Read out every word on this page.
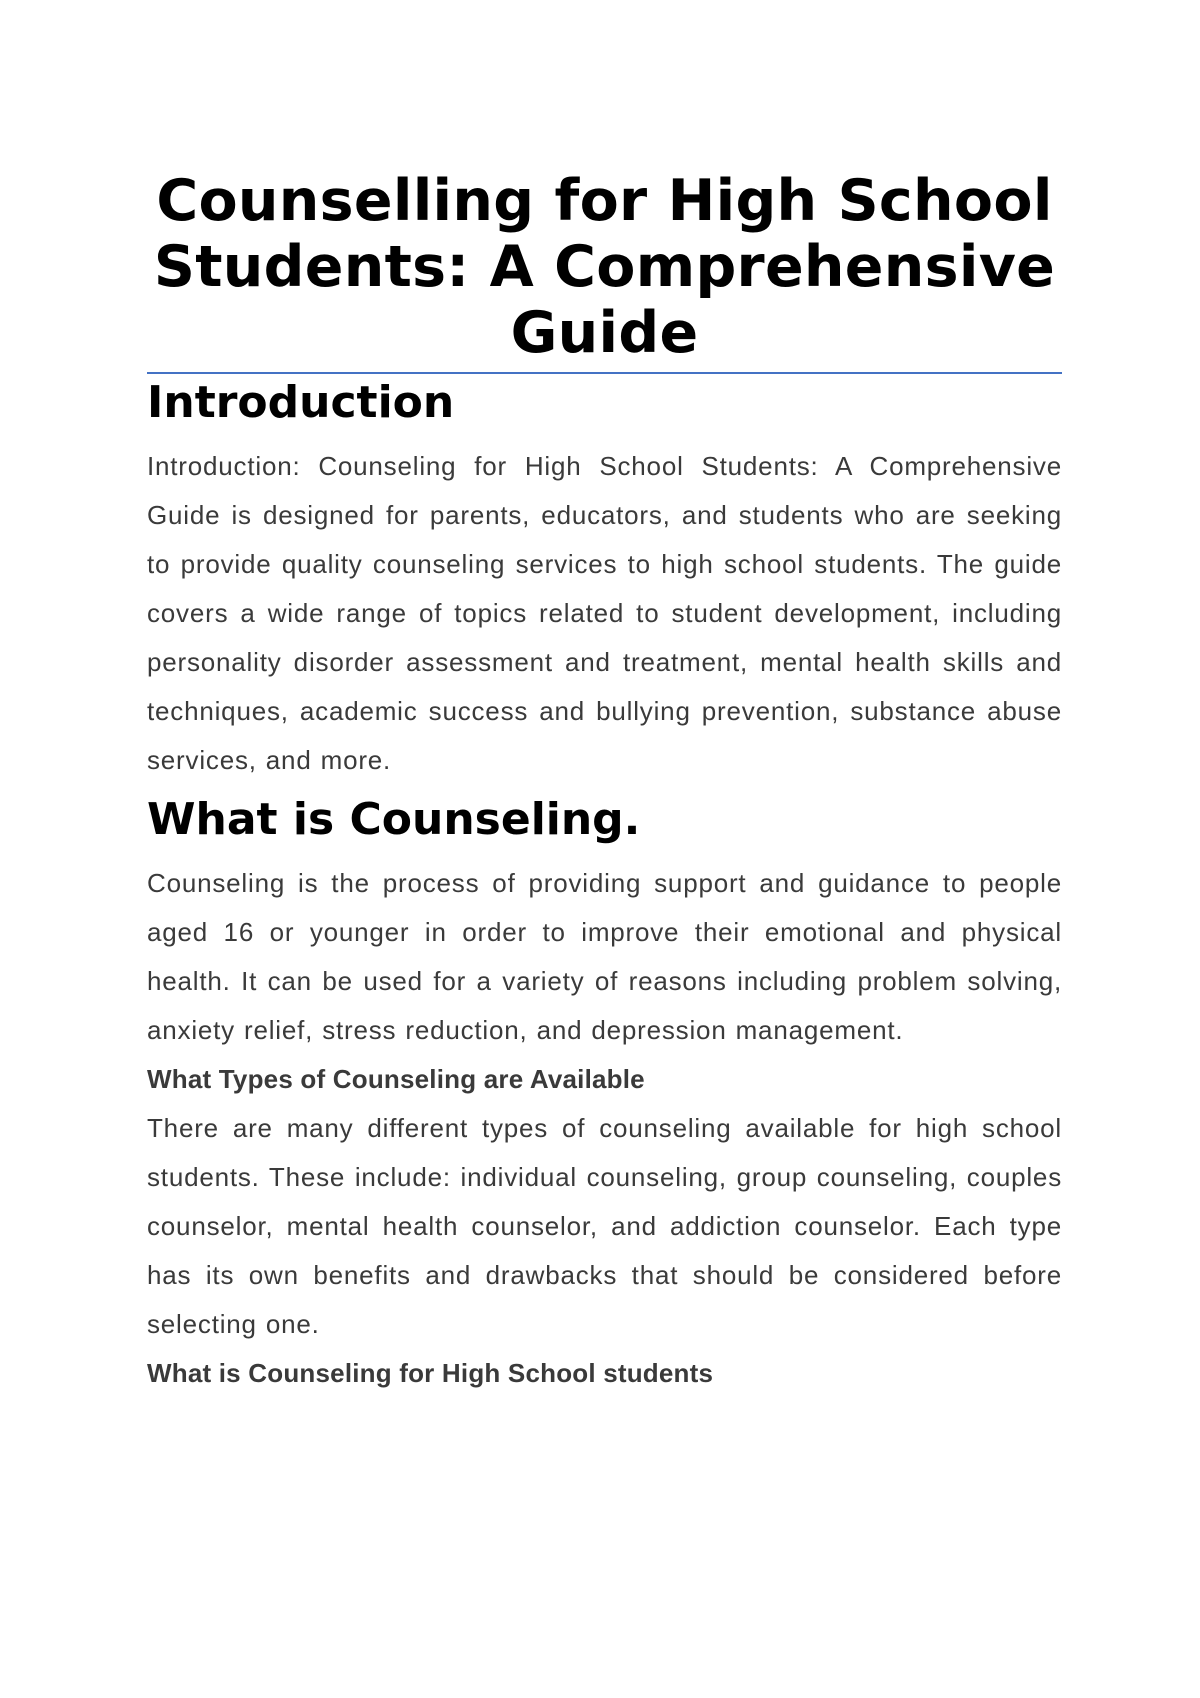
Counselling for High School Students: A Comprehensive Guide
Introduction

Introduction: Counseling for High School Students: A Comprehensive Guide is designed for parents, educators, and students who are seeking to provide quality counseling services to high school students. The guide covers a wide range of topics related to student development, including personality disorder assessment and treatment, mental health skills and techniques, academic success and bullying prevention, substance abuse services, and more.

What is Counseling.

Counseling is the process of providing support and guidance to people aged 16 or younger in order to improve their emotional and physical health. It can be used for a variety of reasons including problem solving, anxiety relief, stress reduction, and depression management.

What Types of Counseling are Available

There are many different types of counseling available for high school students. These include: individual counseling, group counseling, couples counselor, mental health counselor, and addiction counselor. Each type has its own benefits and drawbacks that should be considered before selecting one.

What is Counseling for High School students
